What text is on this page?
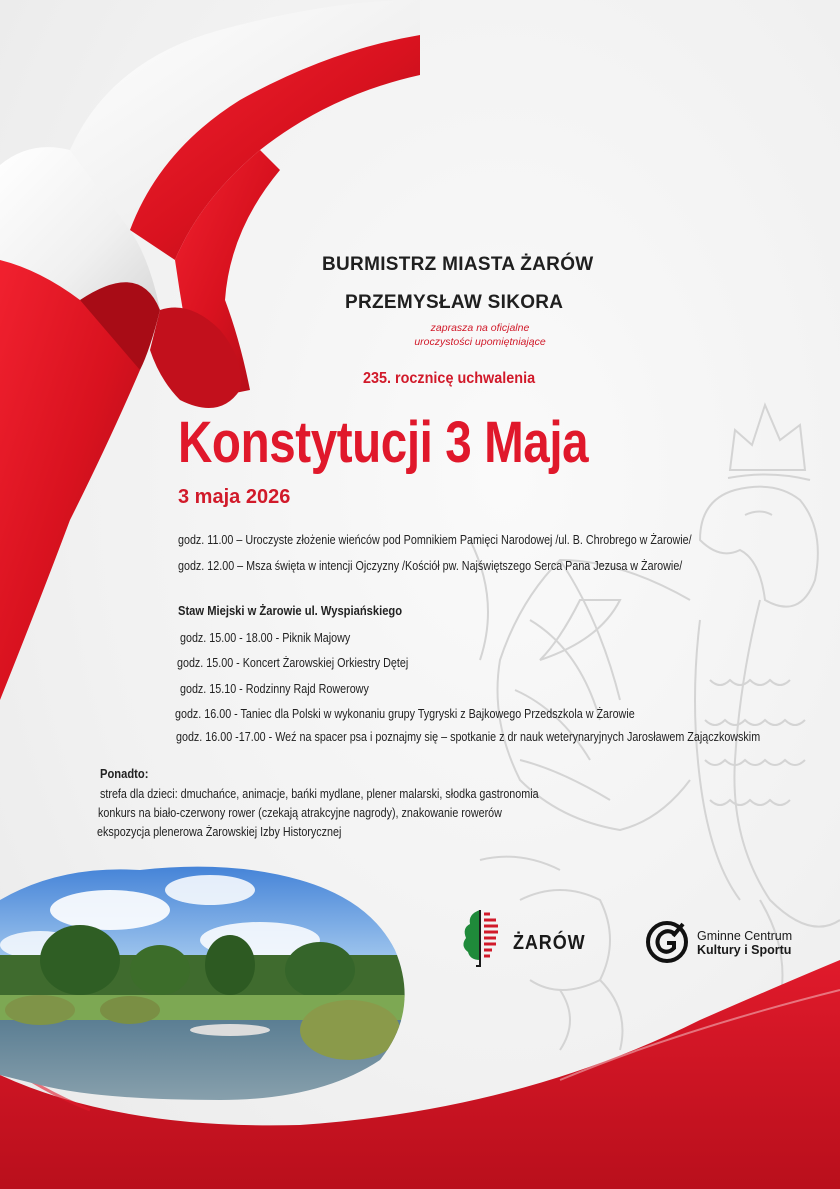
BURMISTRZ MIASTA ŻARÓW
PRZEMYSŁAW SIKORA
zaprasza na oficjalne
uroczystości upomiętniające
235. rocznicę uchwalenia
Konstytucji 3 Maja
3 maja 2026
godz. 11.00 – Uroczyste złożenie wieńców pod Pomnikiem Pamięci Narodowej /ul. B. Chrobrego w Żarowie/
godz. 12.00 – Msza święta w intencji Ojczyzny /Kościół pw. Najświętszego Serca Pana Jezusa w Żarowie/
Staw Miejski w Żarowie ul. Wyspiańskiego
godz. 15.00 - 18.00 - Piknik Majowy
godz. 15.00 - Koncert Żarowskiej Orkiestry Dętej
godz. 15.10 - Rodzinny Rajd Rowerowy
godz. 16.00 - Taniec dla Polski w wykonaniu grupy Tygryski z Bajkowego Przedszkola w Żarowie
godz. 16.00 -17.00 - Weź na spacer psa i poznajmy się – spotkanie z dr nauk weterynaryjnych Jarosławem Zajączkowskim
Ponadto:
strefa dla dzieci: dmuchańce, animacje, bańki mydlane, plener malarski, słodka gastronomia
konkurs na biało-czerwony rower (czekają atrakcyjne nagrody), znakowanie rowerów
ekspozycja plenerowa Żarowskiej Izby Historycznej
ŻARÓW	Gminne Centrum
Kultury i Sportu
